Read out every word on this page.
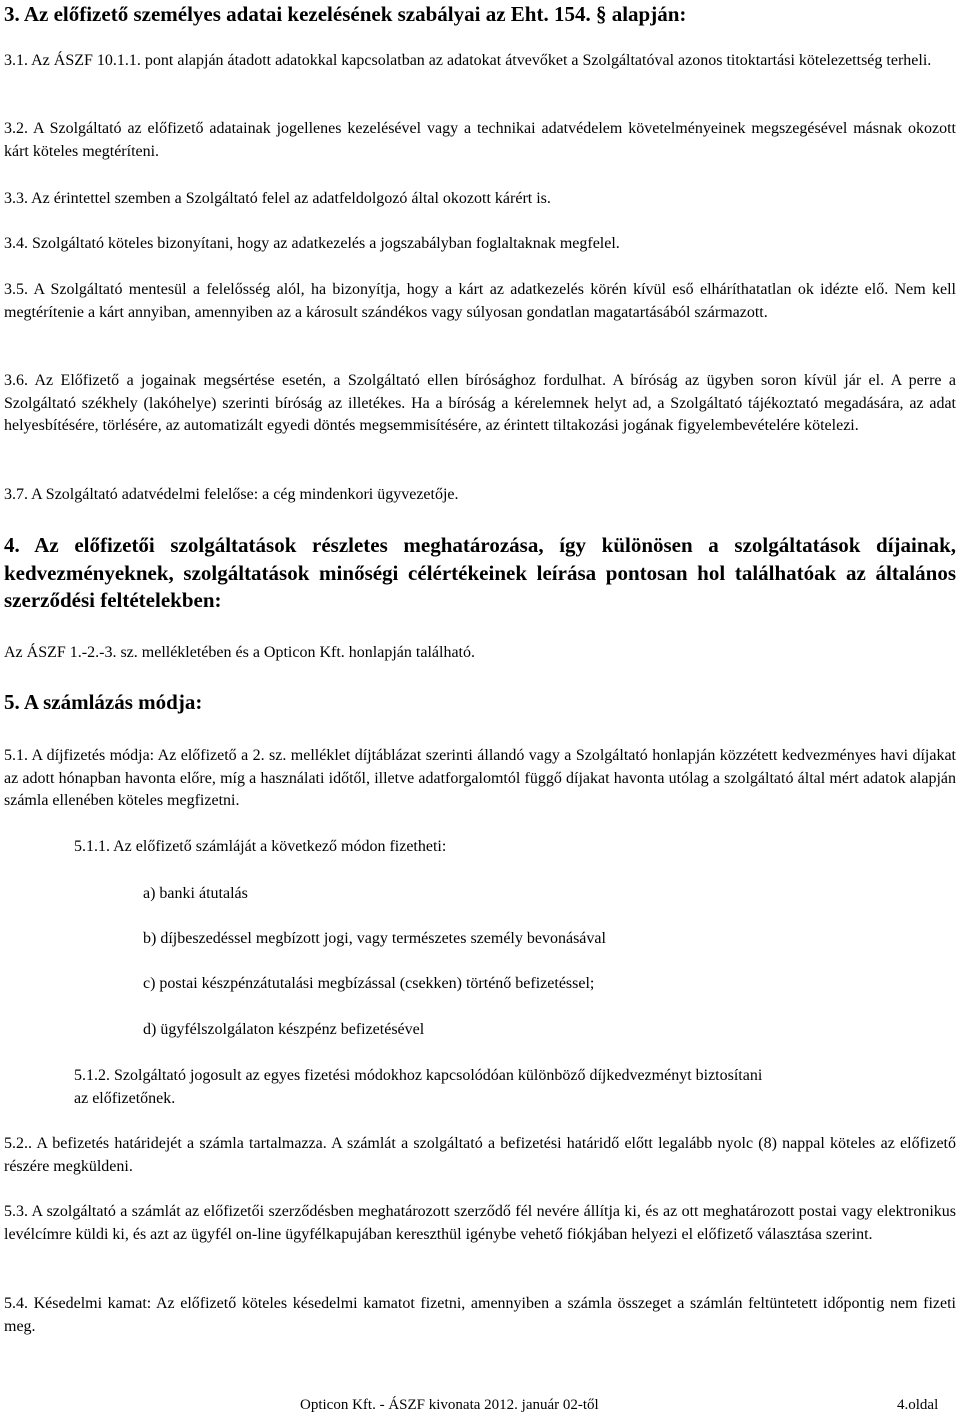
3. Az előfizető személyes adatai kezelésének szabályai az Eht. 154. § alapján:
3.1. Az ÁSZF 10.1.1. pont alapján átadott adatokkal kapcsolatban az adatokat átvevőket a Szolgáltatóval azonos titoktartási kötelezettség terheli.
3.2. A Szolgáltató az előfizető adatainak jogellenes kezelésével vagy a technikai adatvédelem követelményeinek megszegésével másnak okozott kárt köteles megtéríteni.
3.3. Az érintettel szemben a Szolgáltató felel az adatfeldolgozó által okozott kárért is.
3.4. Szolgáltató köteles bizonyítani, hogy az adatkezelés a jogszabályban foglaltaknak megfelel.
3.5. A Szolgáltató mentesül a felelősség alól, ha bizonyítja, hogy a kárt az adatkezelés körén kívül eső elháríthatatlan ok idézte elő. Nem kell megtérítenie a kárt annyiban, amennyiben az a károsult szándékos vagy súlyosan gondatlan magatartásából származott.
3.6. Az Előfizető a jogainak megsértése esetén, a Szolgáltató ellen bírósághoz fordulhat. A bíróság az ügyben soron kívül jár el. A perre a Szolgáltató székhely (lakóhelye) szerinti bíróság az illetékes. Ha a bíróság a kérelemnek helyt ad, a Szolgáltató tájékoztató megadására, az adat helyesbítésére, törlésére, az automatizált egyedi döntés megsemmisítésére, az érintett tiltakozási jogának figyelembevételére kötelezi.
3.7. A Szolgáltató adatvédelmi felelőse: a cég mindenkori ügyvezetője.
4. Az előfizetői szolgáltatások részletes meghatározása, így különösen a szolgáltatások díjainak, kedvezményeknek, szolgáltatások minőségi célértékeinek leírása pontosan hol találhatóak az általános szerződési feltételekben:
Az ÁSZF 1.-2.-3. sz. mellékletében és a Opticon Kft. honlapján található.
5. A számlázás módja:
5.1. A díjfizetés módja: Az előfizető a 2. sz. melléklet díjtáblázat szerinti állandó vagy a Szolgáltató honlapján közzétett kedvezményes havi díjakat az adott hónapban havonta előre, míg a használati időtől, illetve adatforgalomtól függő díjakat havonta utólag a szolgáltató által mért adatok alapján számla ellenében köteles megfizetni.
5.1.1. Az előfizető számláját a következő módon fizetheti:
a) banki átutalás
b) díjbeszedéssel megbízott jogi, vagy természetes személy bevonásával
c) postai készpénzátutalási megbízással (csekken) történő befizetéssel;
d) ügyfélszolgálaton készpénz befizetésével
5.1.2. Szolgáltató jogosult az egyes fizetési módokhoz kapcsolódóan különböző díjkedvezményt biztosítani
az előfizetőnek.
5.2.. A befizetés határidejét a számla tartalmazza. A számlát a szolgáltató a befizetési határidő előtt legalább nyolc (8) nappal köteles az előfizető részére megküldeni.
5.3. A szolgáltató a számlát az előfizetői szerződésben meghatározott szerződő fél nevére állítja ki, és az ott meghatározott postai vagy elektronikus levélcímre küldi ki, és azt az ügyfél on-line ügyfélkapujában kereszthül igénybe vehető fiókjában helyezi el előfizető választása szerint.
5.4. Késedelmi kamat: Az előfizető köteles késedelmi kamatot fizetni, amennyiben a számla összeget a számlán feltüntetett időpontig nem fizeti meg.
Opticon Kft. - ÁSZF kivonata 2012. január 02-től	4.oldal
